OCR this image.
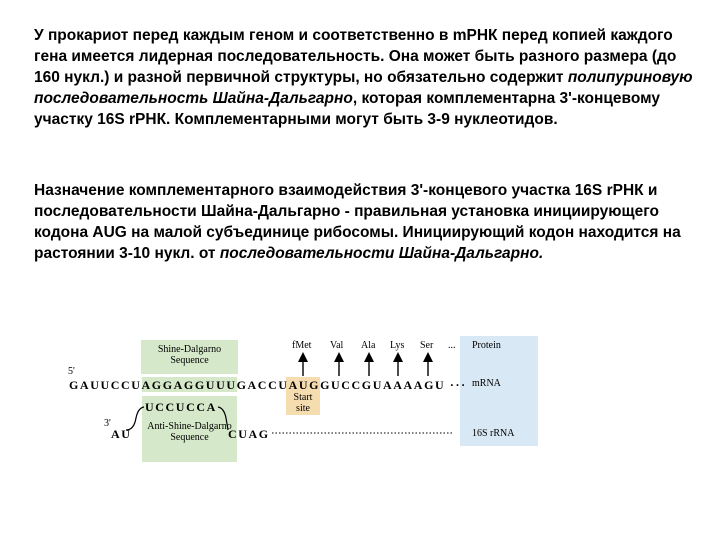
У прокариот перед каждым геном и соответственно в mРНК перед копией каждого гена имеется лидерная последовательность. Она может быть разного размера (до 160 нукл.) и разной первичной структуры, но обязательно содержит полипуриновую последовательность Шайна-Дальгарно, которая комплементарна 3'-концевому участку 16S rРНК. Комплементарными могут быть 3-9 нуклеотидов.

Назначение комплементарного взаимодействия 3'-концевого участка 16S rРНК и последовательности Шайна-Дальгарно - правильная установка инициирующего кодона AUG на малой субъединице рибосомы. Инициирующий кодон находится на растоянии 3-10 нукл. от последовательности Шайна-Дальгарно.

Shine-Dalgarno Sequence
5'
GAUUCCUAGGAGGUUUGACCUAUGGUCCGUAAAAGU ···
UCCUCCA
3'
AU
Anti-Shine-Dalgarno Sequence	CUAG
Start site
fMet Val Ala Lys Ser ... Protein
mRNA
16S rRNA
